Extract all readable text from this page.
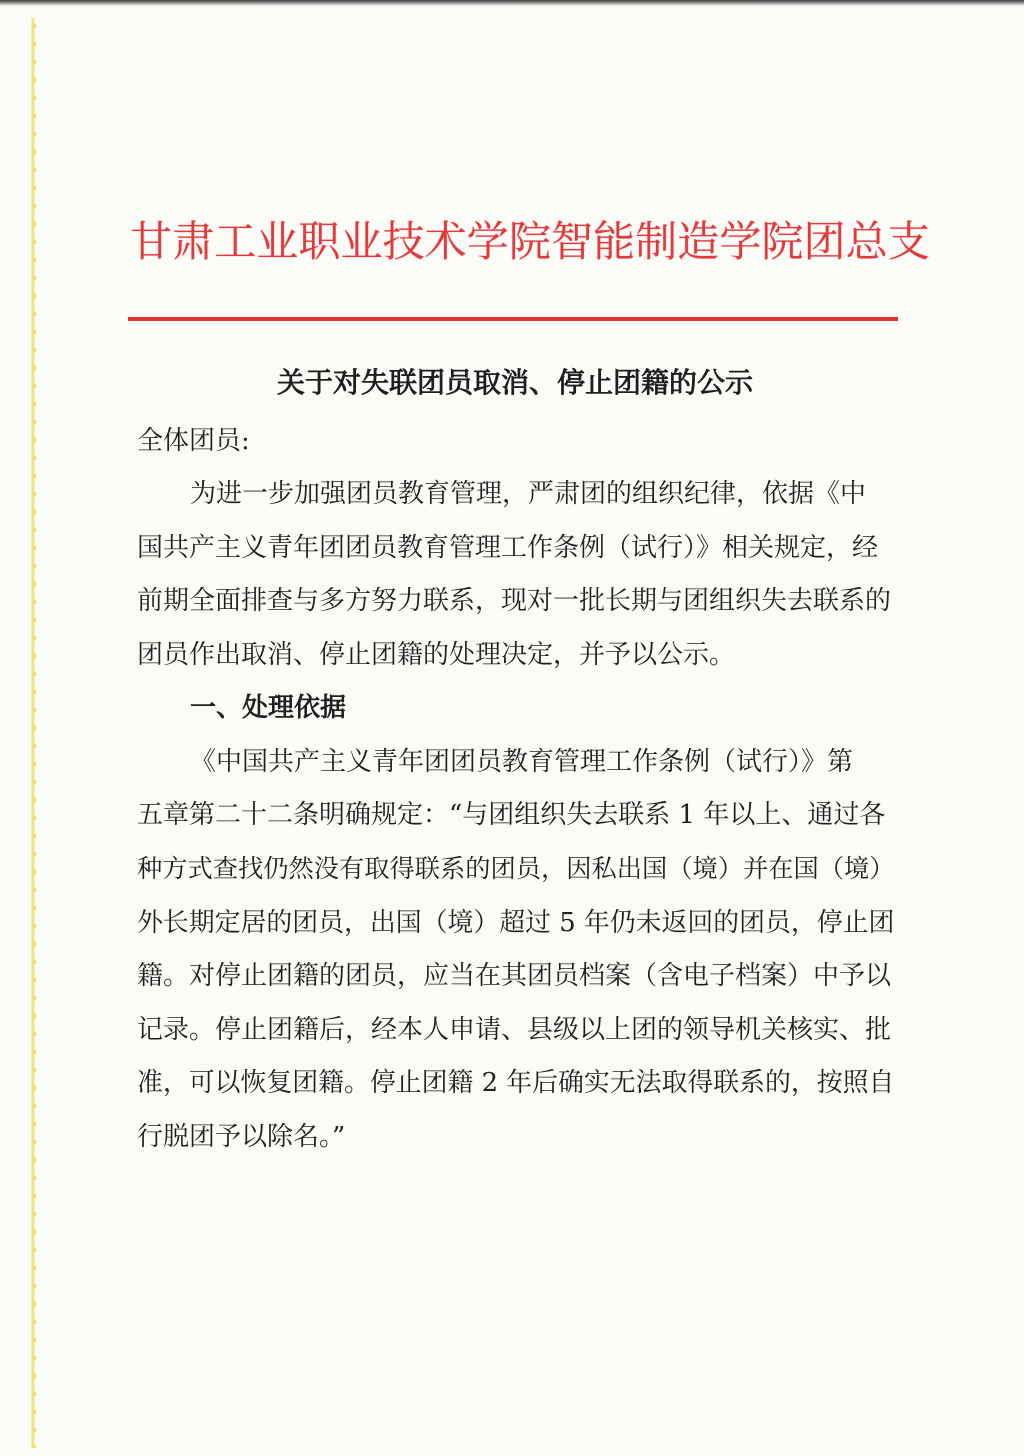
甘肃工业职业技术学院智能制造学院团总支
关于对失联团员取消、停止团籍的公示
全体团员:
为进一步加强团员教育管理，严肃团的组织纪律，依据《中
国共产主义青年团团员教育管理工作条例（试行）》相关规定，经
前期全面排查与多方努力联系，现对一批长期与团组织失去联系的
团员作出取消、停止团籍的处理决定，并予以公示。
一、处理依据
《中国共产主义青年团团员教育管理工作条例（试行）》第
五章第二十二条明确规定：“与团组织失去联系 1 年以上、通过各
种方式查找仍然没有取得联系的团员，因私出国（境）并在国（境）
外长期定居的团员，出国（境）超过 5 年仍未返回的团员，停止团
籍。对停止团籍的团员，应当在其团员档案（含电子档案）中予以
记录。停止团籍后，经本人申请、县级以上团的领导机关核实、批
准，可以恢复团籍。停止团籍 2 年后确实无法取得联系的，按照自
行脱团予以除名。”
